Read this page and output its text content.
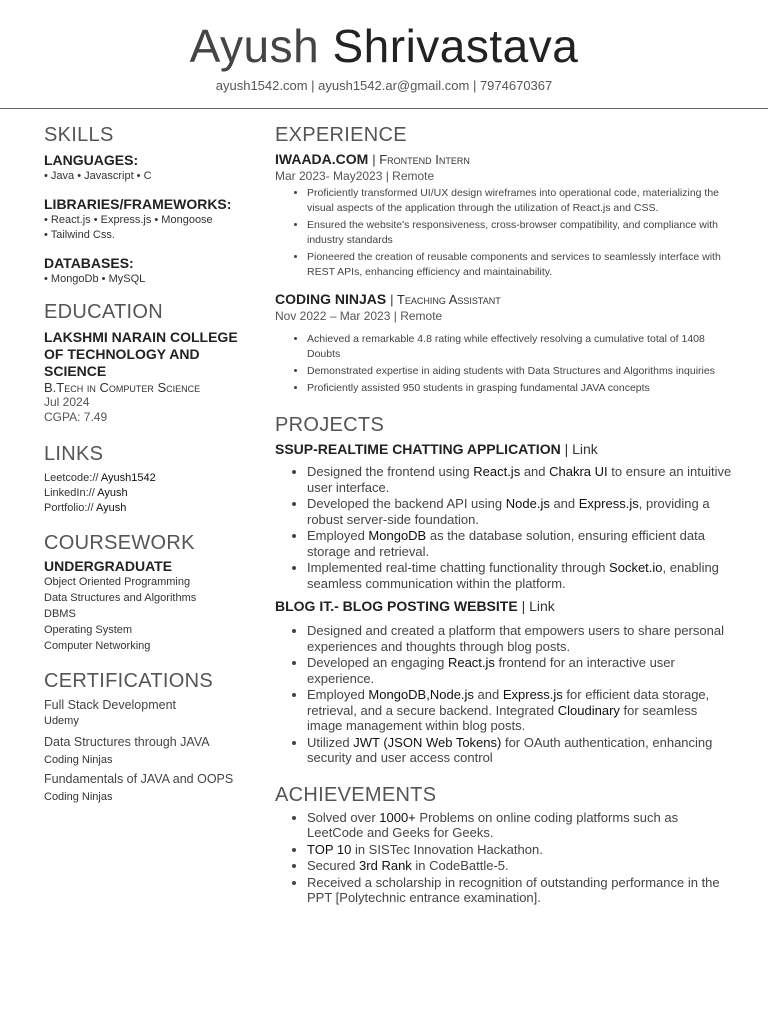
Ayush Shrivastava
ayush1542.com | ayush1542.ar@gmail.com | 7974670367
SKILLS
LANGUAGES:
• Java • Javascript • C
LIBRARIES/FRAMEWORKS:
• React.js • Express.js • Mongoose
• Tailwind Css.
DATABASES:
• MongoDb • MySQL
EDUCATION
LAKSHMI NARAIN COLLEGE
OF TECHNOLOGY AND
SCIENCE
B.Tech in Computer Science
Jul 2024
CGPA: 7.49
LINKS
Leetcode:// Ayush1542
LinkedIn:// Ayush
Portfolio:// Ayush
COURSEWORK
UNDERGRADUATE
Object Oriented Programming
Data Structures and Algorithms
DBMS
Operating System
Computer Networking
CERTIFICATIONS
Full Stack Development
Udemy
Data Structures through JAVA
Coding Ninjas
Fundamentals of JAVA and OOPS
Coding Ninjas
EXPERIENCE
IWAADA.COM | Frontend Intern
Mar 2023- May2023 | Remote
• Proficiently transformed UI/UX design wireframes into operational code, materializing the visual aspects of the application through the utilization of React.js and CSS.
• Ensured the website's responsiveness, cross-browser compatibility, and compliance with industry standards
• Pioneered the creation of reusable components and services to seamlessly interface with REST APIs, enhancing efficiency and maintainability.
CODING NINJAS | Teaching Assistant
Nov 2022 – Mar 2023 | Remote
• Achieved a remarkable 4.8 rating while effectively resolving a cumulative total of 1408 Doubts
• Demonstrated expertise in aiding students with Data Structures and Algorithms inquiries
• Proficiently assisted 950 students in grasping fundamental JAVA concepts
PROJECTS
SSUP-REALTIME CHATTING APPLICATION | Link
• Designed the frontend using React.js and Chakra UI to ensure an intuitive user interface.
• Developed the backend API using Node.js and Express.js, providing a robust server-side foundation.
• Employed MongoDB as the database solution, ensuring efficient data storage and retrieval.
• Implemented real-time chatting functionality through Socket.io, enabling seamless communication within the platform.
BLOG IT.- BLOG POSTING WEBSITE | Link
• Designed and created a platform that empowers users to share personal experiences and thoughts through blog posts.
• Developed an engaging React.js frontend for an interactive user experience.
• Employed MongoDB,Node.js and Express.js for efficient data storage, retrieval, and a secure backend. Integrated Cloudinary for seamless image management within blog posts.
• Utilized JWT (JSON Web Tokens) for OAuth authentication, enhancing security and user access control
ACHIEVEMENTS
• Solved over 1000+ Problems on online coding platforms such as LeetCode and Geeks for Geeks.
• TOP 10 in SISTec Innovation Hackathon.
• Secured 3rd Rank in CodeBattle-5.
• Received a scholarship in recognition of outstanding performance in the PPT [Polytechnic entrance examination].
